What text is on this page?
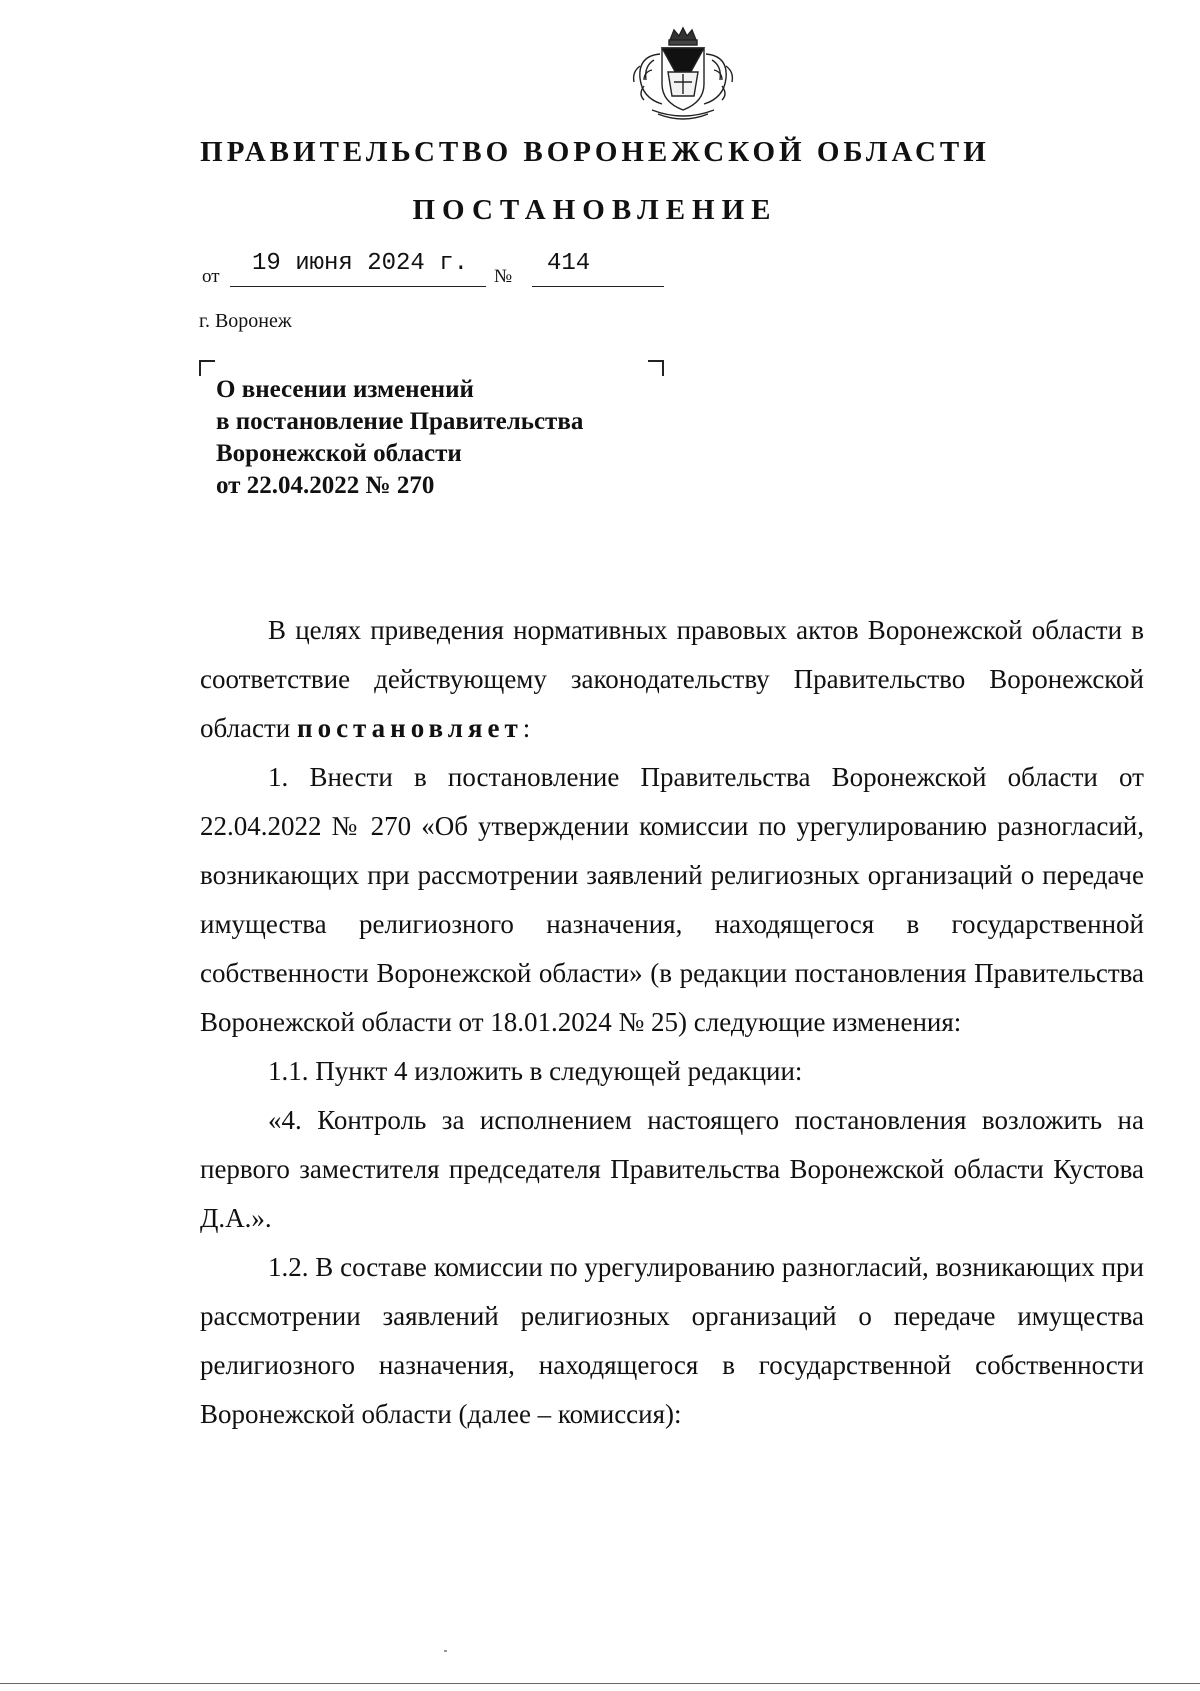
ПРАВИТЕЛЬСТВО ВОРОНЕЖСКОЙ ОБЛАСТИ
ПОСТАНОВЛЕНИЕ
от 19 июня 2024 г. № 414
г. Воронеж
О внесении изменений
в постановление Правительства
Воронежской области
от 22.04.2022 № 270

В целях приведения нормативных правовых актов Воронежской области в соответствие действующему законодательству Правительство Воронежской области постановляет:

1. Внести в постановление Правительства Воронежской области от 22.04.2022 № 270 «Об утверждении комиссии по урегулированию разногласий, возникающих при рассмотрении заявлений религиозных организаций о передаче имущества религиозного назначения, находящегося в государственной собственности Воронежской области» (в редакции постановления Правительства Воронежской области от 18.01.2024 № 25) следующие изменения:

1.1. Пункт 4 изложить в следующей редакции:

«4. Контроль за исполнением настоящего постановления возложить на первого заместителя председателя Правительства Воронежской области Кустова Д.А.».

1.2. В составе комиссии по урегулированию разногласий, возникающих при рассмотрении заявлений религиозных организаций о передаче имущества религиозного назначения, находящегося в государственной собственности Воронежской области (далее – комиссия):
